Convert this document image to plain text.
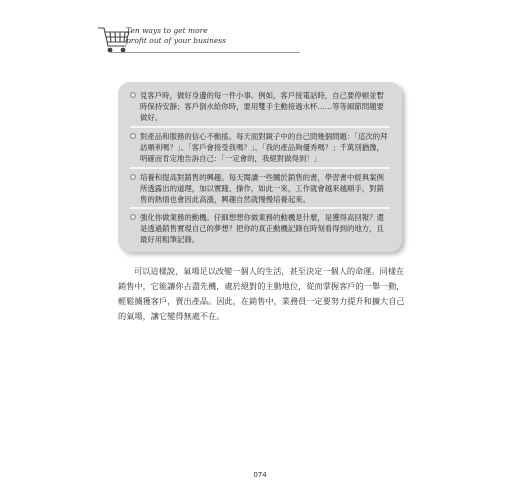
Ten ways to get more
profit out of your business
見客戶時，做好身邊的每一件小事。例如，客戶接電話時，自己要停頓並暫時保持安靜；客戶倒水給你時，要用雙手主動接過水杯……等等細節問題要做好。
對產品和服務的信心不動搖。每天面對鏡子中的自己問幾個問題：「這次的拜訪順利嗎？」、「客戶會接受我嗎？」、「我的產品夠優秀嗎？」千萬別猶豫，明確而肯定地告訴自己：「一定會的，我絕對做得到！」
培養和提高對銷售的興趣。每天閱讀一些關於銷售的書，學習書中經典案例所透露出的道理，加以實踐、操作，如此一來，工作就會越來越順手，對銷售的熱情也會因此高漲，興趣自然就慢慢培養起來。
強化你做業務的動機。仔細想想你做業務的動機是什麼，是獲得高回報？還是透過銷售實現自己的夢想？把你的真正動機記錄在時刻看得到的地方，且最好用粗筆記錄。

可以這樣說，氣場足以改變一個人的生活，甚至決定一個人的命運。同樣在銷售中，它能讓你占盡先機，處於絕對的主動地位，從而掌握客戶的一舉一動，輕鬆擄獲客戶，賣出產品。因此，在銷售中，業務員一定要努力提升和擴大自己的氣場，讓它變得無處不在。

074
